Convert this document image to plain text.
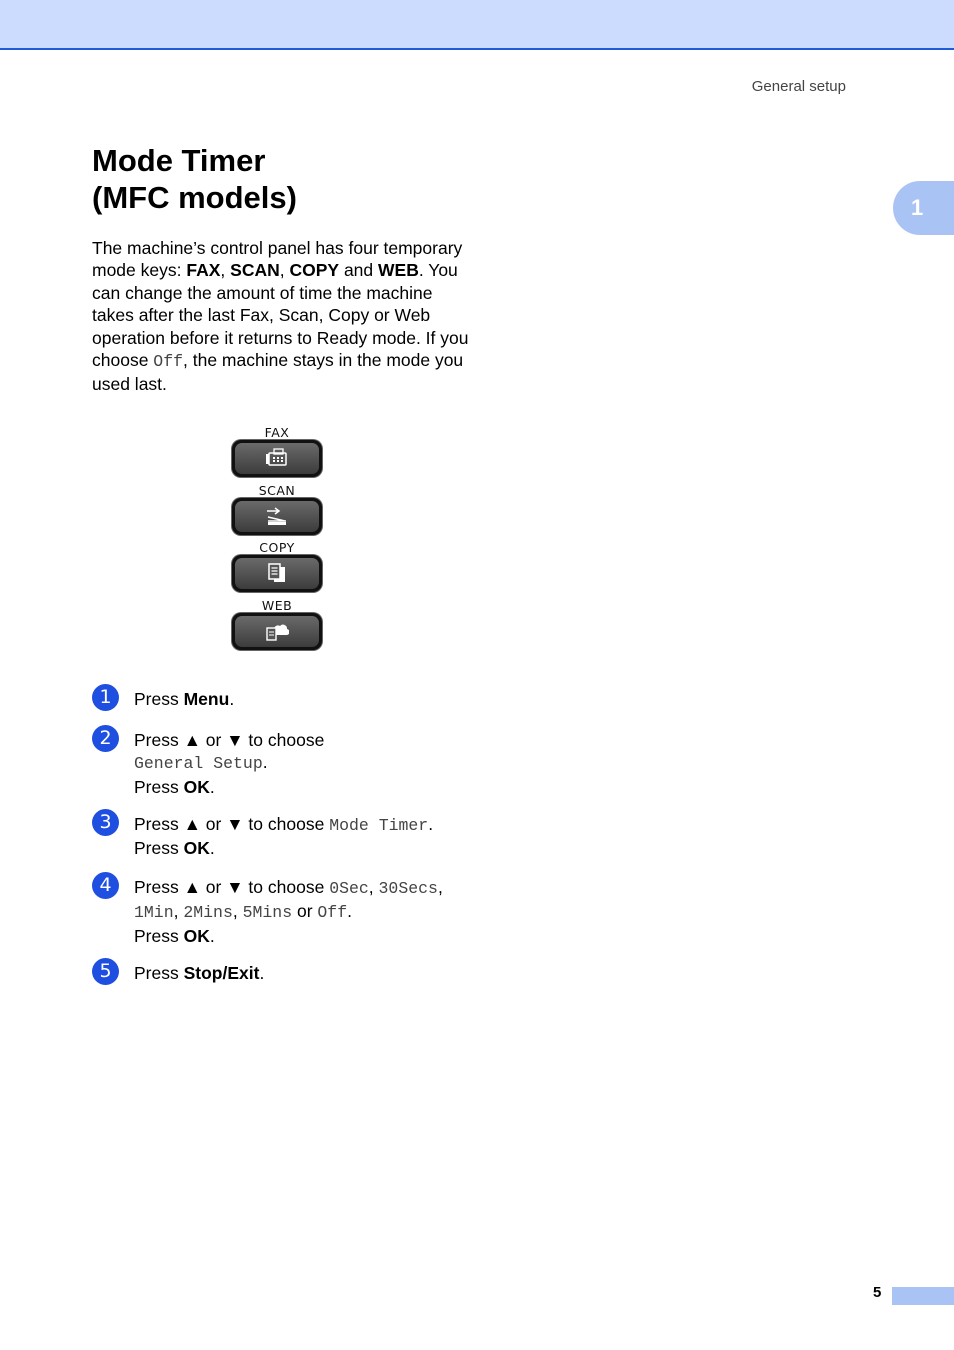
General setup
1
Mode Timer
(MFC models)

The machine’s control panel has four temporary mode keys: FAX, SCAN, COPY and WEB. You can change the amount of time the machine takes after the last Fax, Scan, Copy or Web operation before it returns to Ready mode. If you choose Off, the machine stays in the mode you used last.

FAX
SCAN
COPY
WEB
1	Press Menu.
2	Press ▲ or ▼ to choose
General Setup.
Press OK.
3	Press ▲ or ▼ to choose Mode Timer.
Press OK.
4	Press ▲ or ▼ to choose 0Sec, 30Secs,
1Min, 2Mins, 5Mins or Off.
Press OK.
5	Press Stop/Exit.
5
